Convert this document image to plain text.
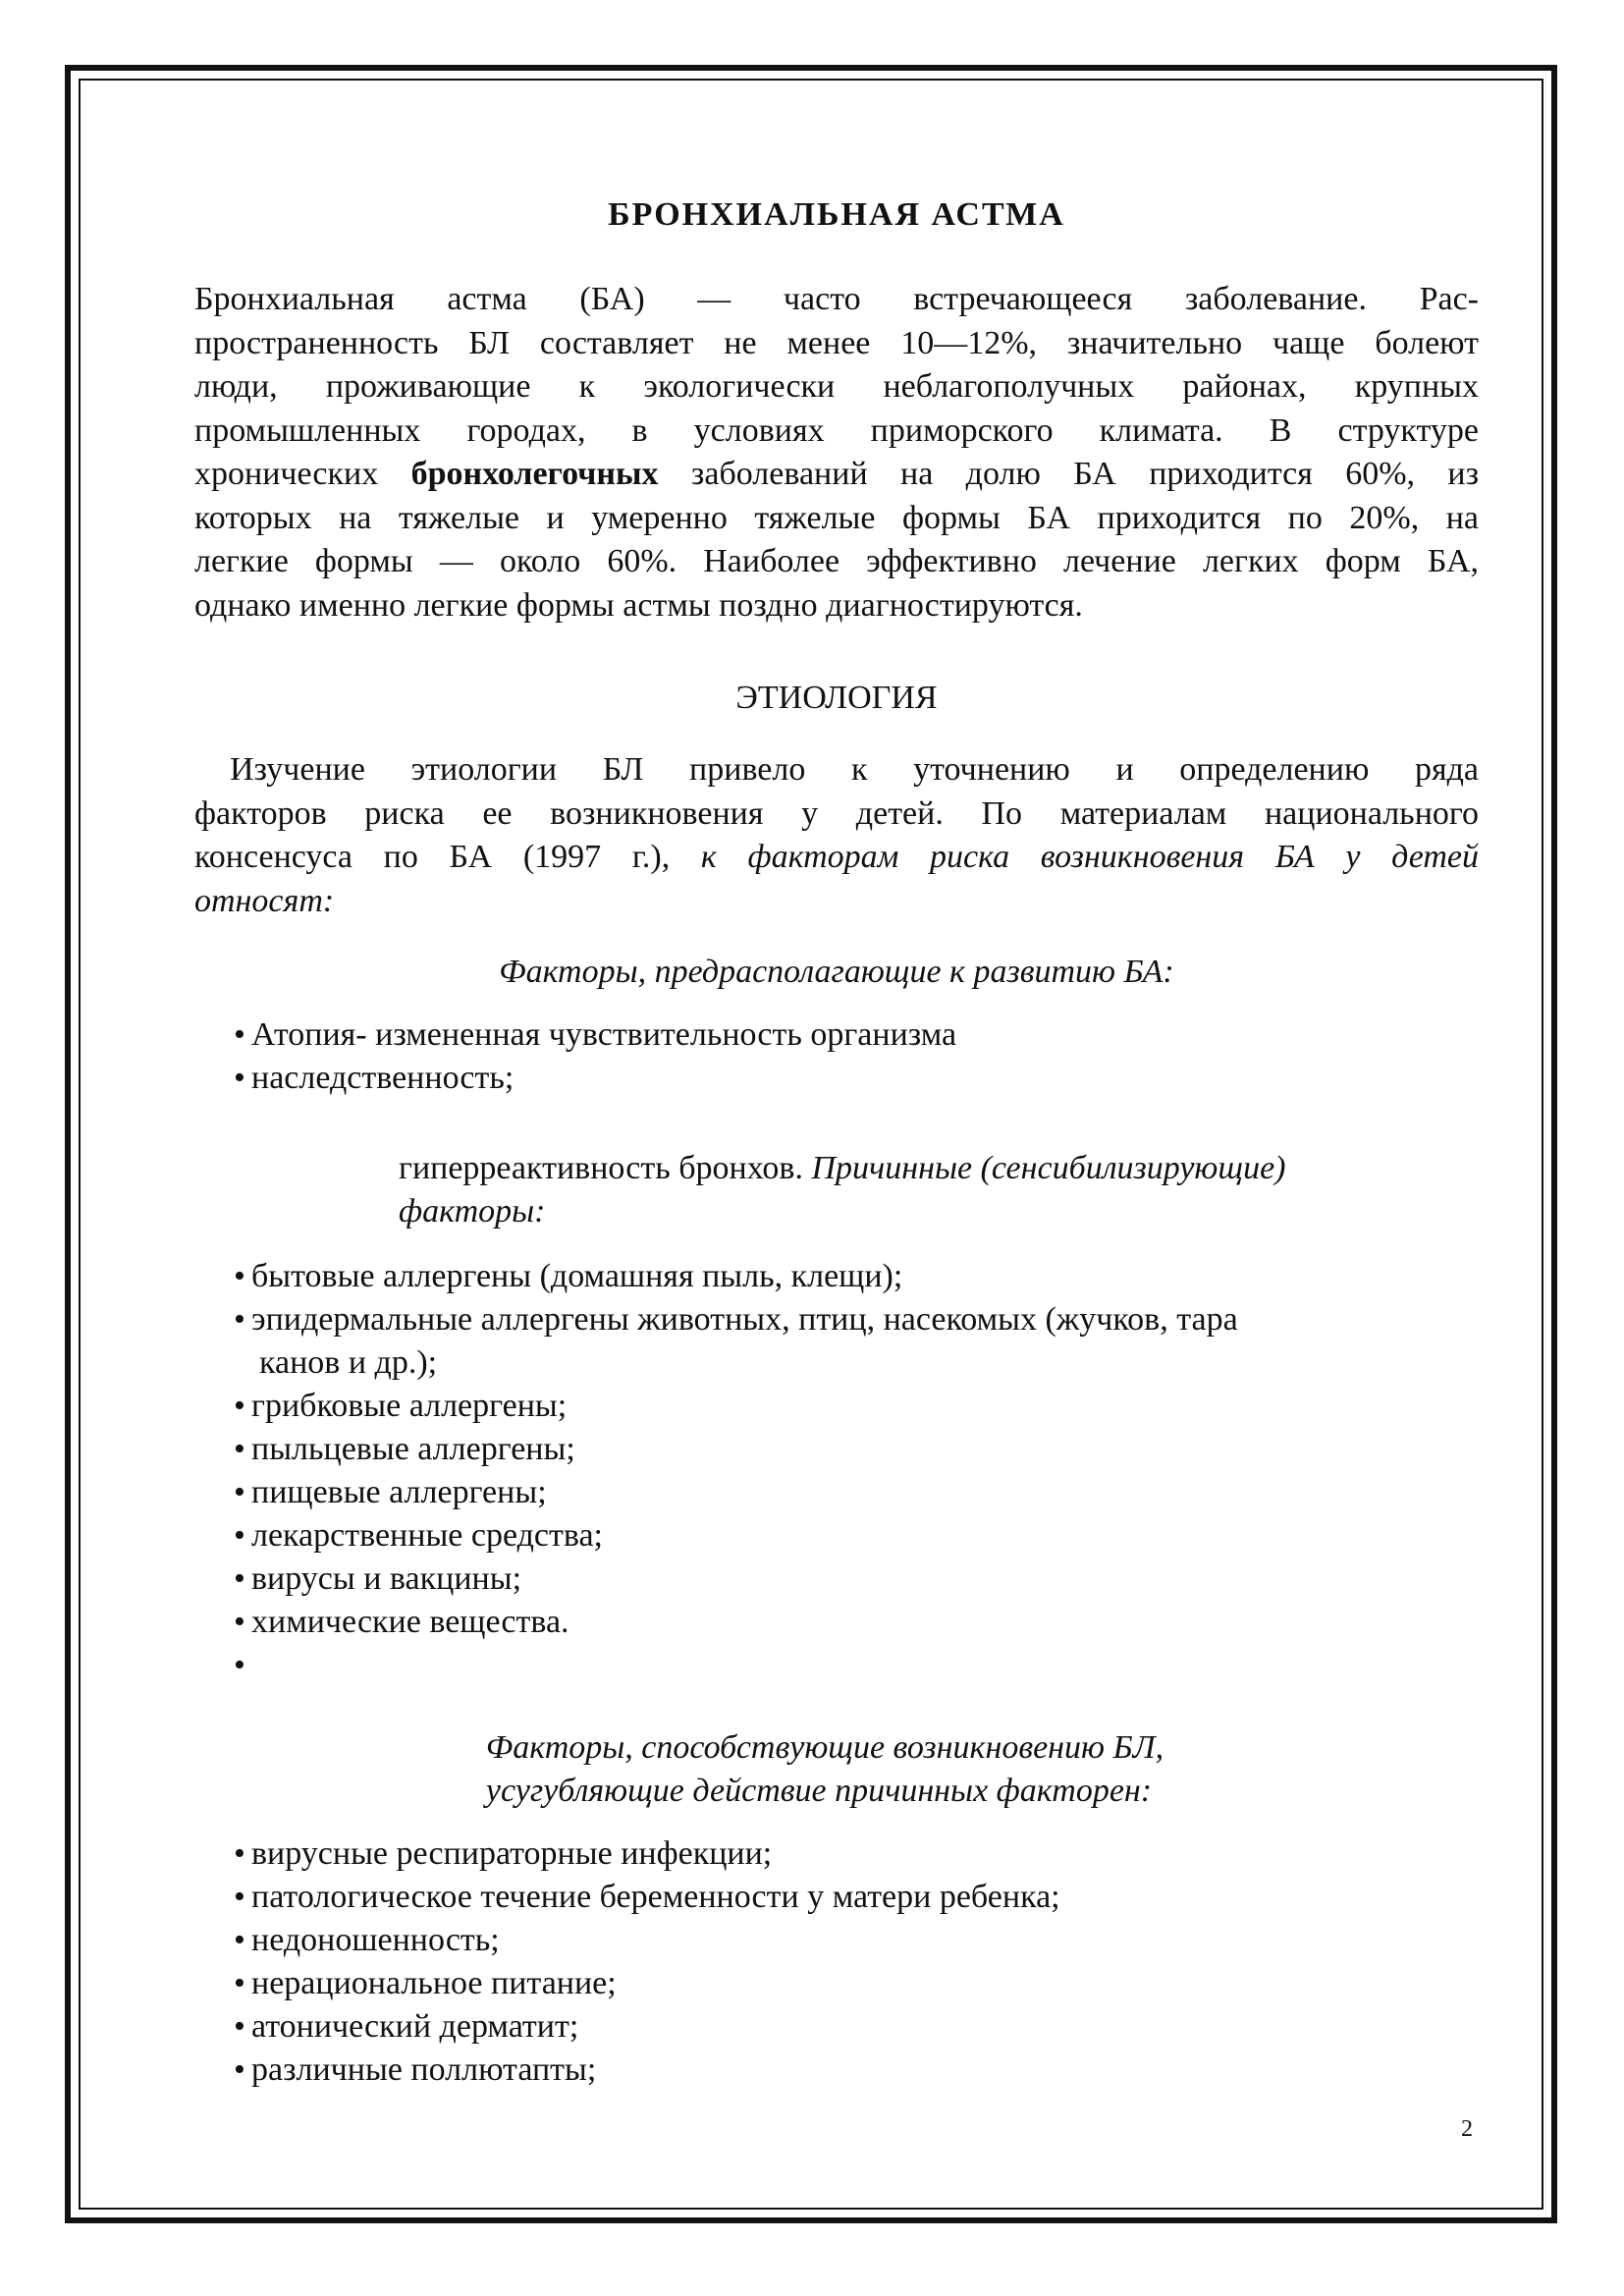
БРОНХИАЛЬНАЯ АСТМА
Бронхиальная астма (БА) — часто встречающееся заболевание. Рас-
пространенность БЛ составляет не менее 10—12%, значительно чаще болеют
люди, проживающие к экологически неблагополучных районах, крупных
промышленных городах, в условиях приморского климата. В структуре
хронических бронхолегочных заболеваний на долю БА приходится 60%, из
которых на тяжелые и умеренно тяжелые формы БА приходится по 20%, на
легкие формы — около 60%. Наиболее эффективно лечение легких форм БА,
однако именно легкие формы астмы поздно диагностируются.
ЭТИОЛОГИЯ
Изучение этиологии БЛ привело к уточнению и определению ряда
факторов риска ее возникновения у детей. По материалам национального
консенсуса по БА (1997 г.), к факторам риска возникновения БА у детей
относят:

Факторы, предрасполагающие к развитию БА:

• Атопия- измененная чувствительность организма
• наследственность;

гиперреактивность бронхов. Причинные (сенсибилизирующие)
факторы:

• бытовые аллергены (домашняя пыль, клещи);
• эпидермальные аллергены животных, птиц, насекомых (жучков, тара
канов и др.);
• грибковые аллергены;
• пыльцевые аллергены;
• пищевые аллергены;
• лекарственные средства;
• вирусы и вакцины;
• химические вещества.
•

Факторы, способствующие возникновению БЛ,
усугубляющие действие причинных факторен:

• вирусные респираторные инфекции;
• патологическое течение беременности у матери ребенка;
• недоношенность;
• нерациональное питание;
• атонический дерматит;
• различные поллютапты;
2
